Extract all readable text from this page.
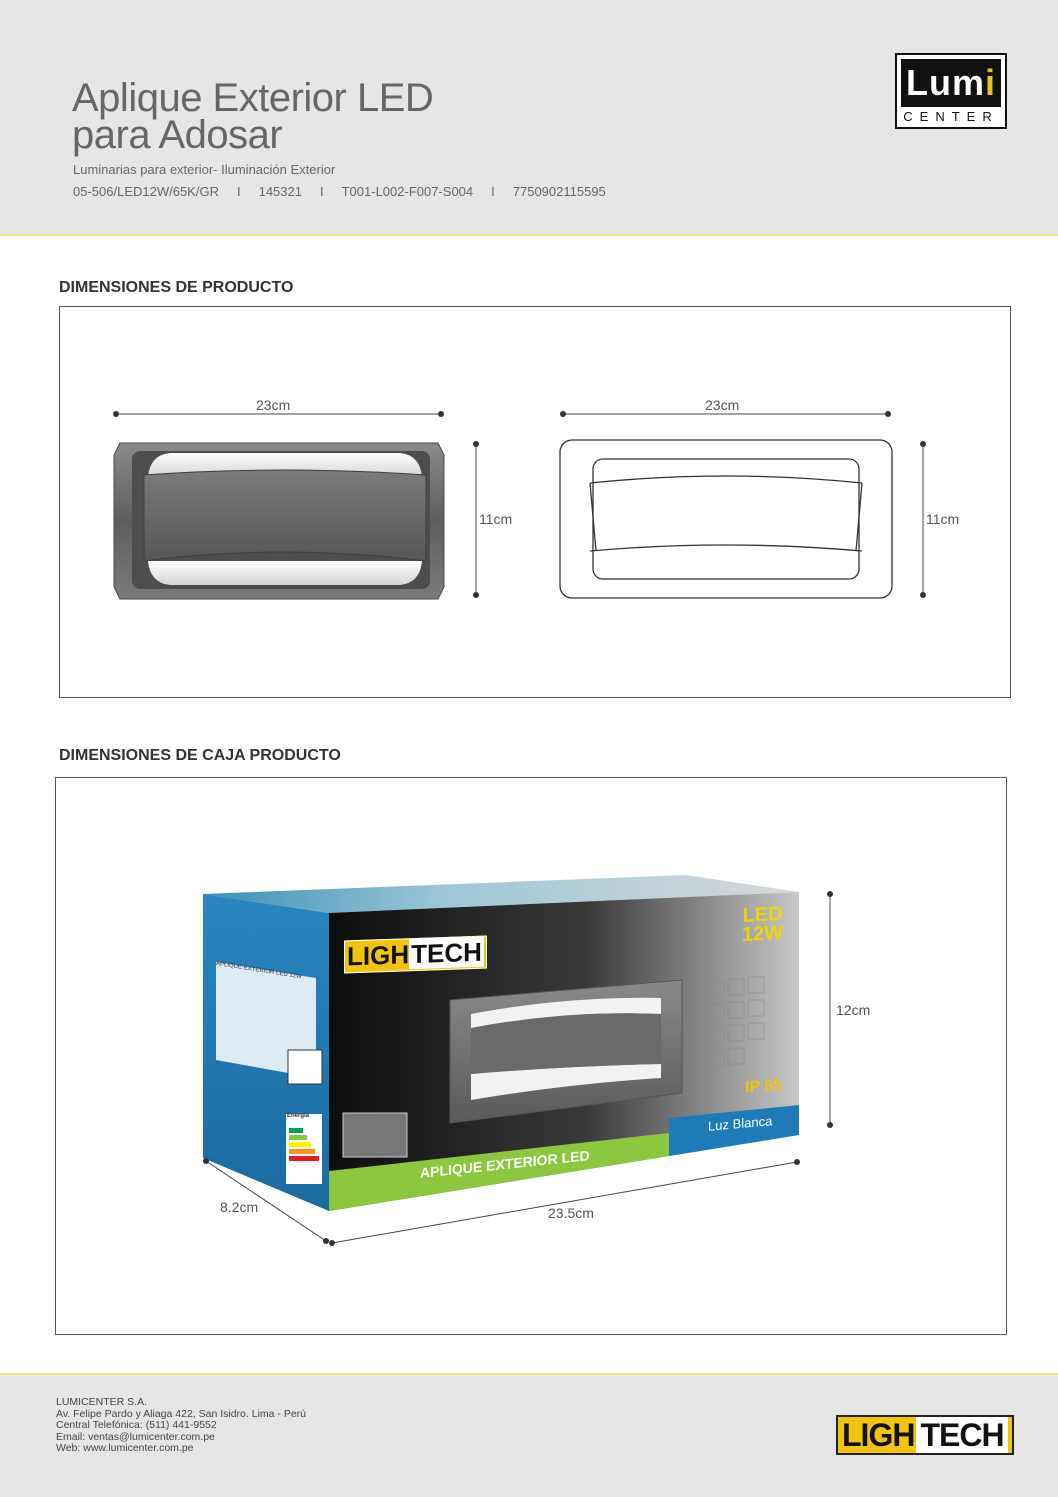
Aplique Exterior LED
para Adosar
Luminarias para exterior- Iluminación Exterior
05-506/LED12W/65K/GR I 145321 I T001-L002-F007-S004 I 7750902115595
Lumi
CENTER
DIMENSIONES DE PRODUCTO
23cm
11cm
23cm
11cm
DIMENSIONES DE CAJA PRODUCTO
LIGHTECH
LED
12W
IP 65
Luz Blanca
APLIQUE EXTERIOR LED
APLIQUE EXTERIOR LED 12W
Energía
12cm
8.2cm	23.5cm
LUMICENTER S.A.
Av. Felipe Pardo y Aliaga 422, San Isidro. Lima - Perú
Central Telefónica: (511) 441-9552
Email: ventas@lumicenter.com.pe
Web: www.lumicenter.com.pe	LIGH TECH
